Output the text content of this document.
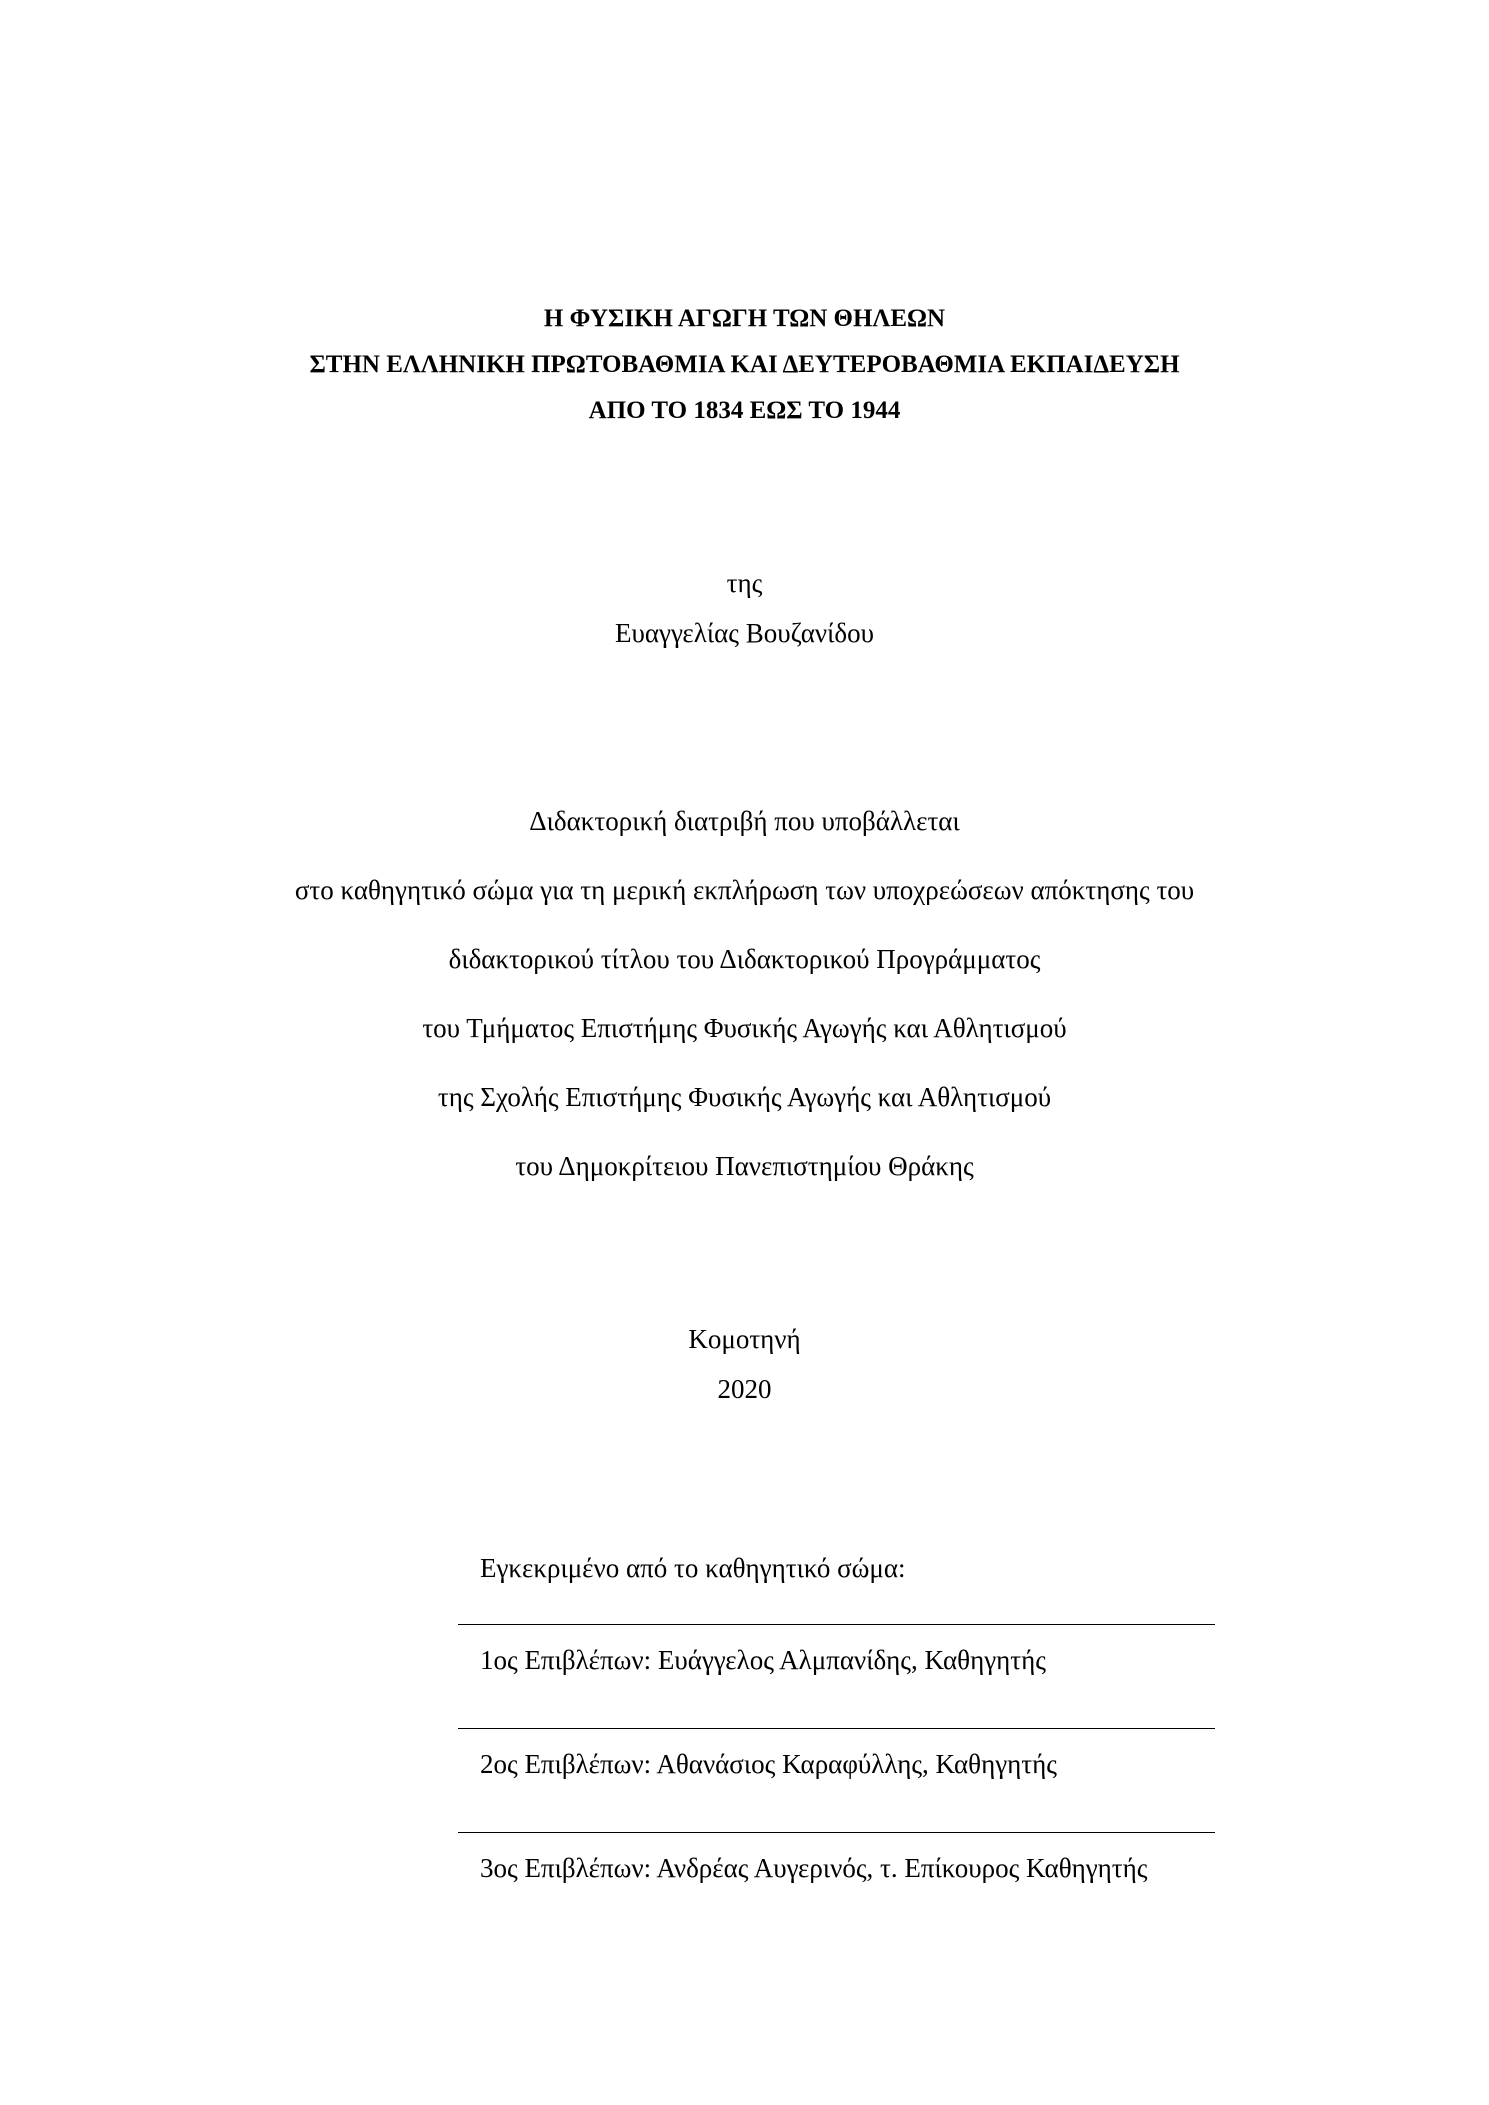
Η ΦΥΣΙΚΗ ΑΓΩΓΗ ΤΩΝ ΘΗΛΕΩΝ
ΣΤΗΝ ΕΛΛΗΝΙΚΗ ΠΡΩΤΟΒΑΘΜΙΑ ΚΑΙ ΔΕΥΤΕΡΟΒΑΘΜΙΑ ΕΚΠΑΙΔΕΥΣΗ
ΑΠΟ ΤΟ 1834 ΕΩΣ ΤΟ 1944
της
Ευαγγελίας Βουζανίδου
Διδακτορική διατριβή που υποβάλλεται
στο καθηγητικό σώμα για τη μερική εκπλήρωση των υποχρεώσεων απόκτησης του
διδακτορικού τίτλου του Διδακτορικού Προγράμματος
του Τμήματος Επιστήμης Φυσικής Αγωγής και Αθλητισμού
της Σχολής Επιστήμης Φυσικής Αγωγής και Αθλητισμού
του Δημοκρίτειου Πανεπιστημίου Θράκης
Κομοτηνή
2020

Εγκεκριμένο από το καθηγητικό σώμα:

1ος Επιβλέπων: Ευάγγελος Αλμπανίδης, Καθηγητής
2ος Επιβλέπων: Αθανάσιος Καραφύλλης, Καθηγητής
3ος Επιβλέπων: Ανδρέας Αυγερινός, τ. Επίκουρος Καθηγητής
